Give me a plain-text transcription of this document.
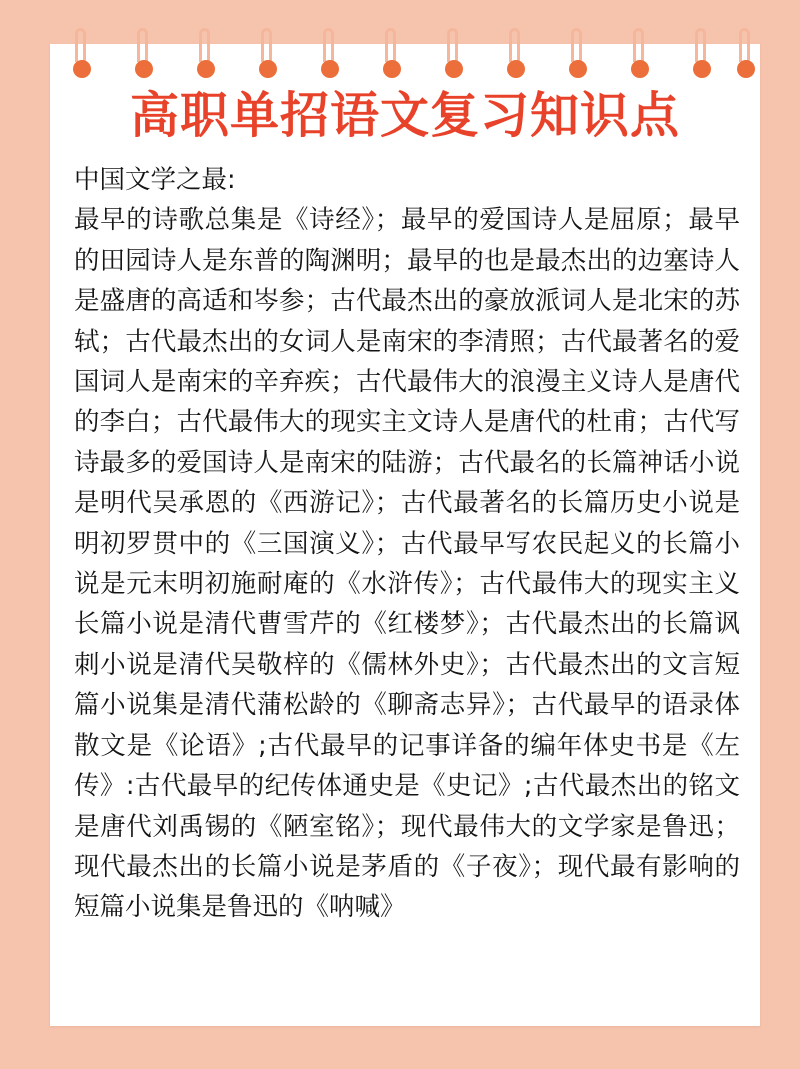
高职单招语文复习知识点

中国文学之最:

最早的诗歌总集是《诗经》；最早的爱国诗人是屈原；最早的田园诗人是东普的陶渊明；最早的也是最杰出的边塞诗人是盛唐的高适和岑参；古代最杰出的豪放派词人是北宋的苏轼；古代最杰出的女词人是南宋的李清照；古代最著名的爱国词人是南宋的辛弃疾；古代最伟大的浪漫主义诗人是唐代的李白；古代最伟大的现实主文诗人是唐代的杜甫；古代写诗最多的爱国诗人是南宋的陆游；古代最名的长篇神话小说是明代吴承恩的《西游记》；古代最著名的长篇历史小说是明初罗贯中的《三国演义》；古代最早写农民起义的长篇小说是元末明初施耐庵的《水浒传》；古代最伟大的现实主义长篇小说是清代曹雪芹的《红楼梦》；古代最杰出的长篇讽刺小说是清代吴敬梓的《儒林外史》；古代最杰出的文言短篇小说集是清代蒲松龄的《聊斋志异》；古代最早的语录体散文是《论语》;古代最早的记事详备的编年体史书是《左传》:古代最早的纪传体通史是《史记》;古代最杰出的铭文是唐代刘禹锡的《陋室铭》；现代最伟大的文学家是鲁迅；现代最杰出的长篇小说是茅盾的《子夜》；现代最有影响的短篇小说集是鲁迅的《呐喊》
